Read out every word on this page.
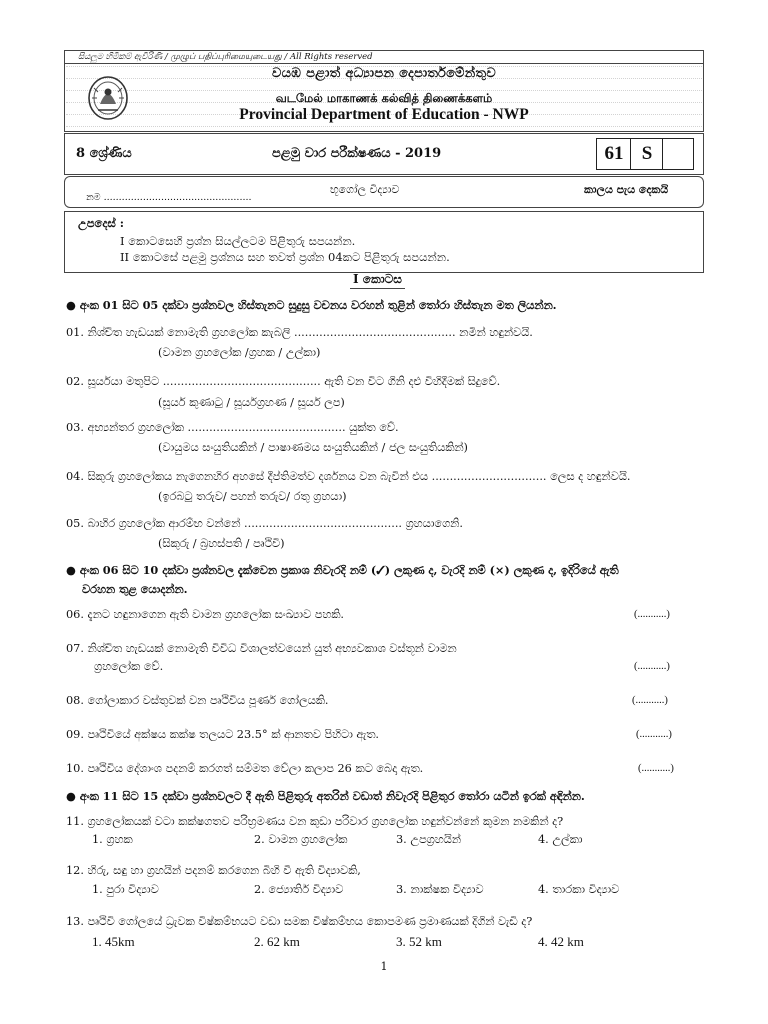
සියලුම හිමිකම් ඇවිරිණි / முழுப் பதிப்புரிமையுடையது / All Rights reserved
වයඹ පළාත් අධ්‍යාපන දෙපාර්තමේන්තුව
வடமேல் மாகாணக் கல்வித் திணைக்களம்
Provincial Department of Education - NWP
8 ශ්‍රේණිය	පළමු වාර පරීක්ෂණය - 2019	61 S
නම .................................................
භූගෝල විද්‍යාව	කාලය පැය දෙකයි
උපදෙස් :
I කොටසෙහි ප්‍රශ්න සියල්ලටම පිළිතුරු සපයන්න.
II කොටසේ පළමු ප්‍රශ්නය සහ තවත් ප්‍රශ්න 04කට පිළිතුරු සපයන්න.
I කොටස
● අංක 01 සිට 05 දක්වා ප්‍රශ්නවල හිස්තැනට සුදුසු වචනය වරහන් තුළින් තෝරා හිස්තැන මත ලියන්න.
01. නිශ්චිත හැඩයක් නොමැති ග්‍රහලෝක කැබලි ............................................. නමින් හඳුන්වයි.
(වාමන ග්‍රහලෝක /ග්‍රහක / උල්කා)
02. සූර්යයා මතුපිට ............................................ ඇති වන විට ගිනි දළු විහිදීමක් සිදුවේ.
(සූර්ය කුණාටු / සූර්යග්‍රහණ / සූර්ය ලප)
03. අභ්‍යන්තර ග්‍රහලෝක ............................................ යුක්ත වේ.
(වායුමය සංයුතියකින් / පාෂාණමය සංයුතියකින් / ජල සංයුතියකින්)
04. සිකුරු ග්‍රහලෝකය නැගෙනහිර අහසේ දීප්තිමත්ව දර්ශනය වන බැවින් එය ................................ ලෙස ද හඳුන්වයි.
(ඉරබටු තරුව/ පහන් තරුව/ රතු ග්‍රහයා)
05. බාහිර ග්‍රහලෝක ආරම්භ වන්නේ ............................................ ග්‍රහයාගෙනි.
(සිකුරු / බ්‍රහස්පති / පෘථිවි)
● අංක 06 සිට 10 දක්වා ප්‍රශ්නවල දැක්වෙන ප්‍රකාශ නිවැරදි නම් (✓) ලකුණ ද, වැරදි නම් (×) ලකුණ ද, ඉදිරියේ ඇති
වරහන තුළ යොදන්න.
06. දැනට හඳුනාගෙන ඇති වාමන ග්‍රහලෝක සංඛ්‍යාව පහකි.	(...........)
07. නිශ්චිත හැඩයක් නොමැති විවිධ විශාලත්වයෙන් යුත් අභ්‍යවකාශ වස්තූන් වාමන
ග්‍රහලෝක වේ.	(...........)
08. ගෝලාකාර වස්තුවක් වන පෘථිවිය පූර්ණ ගෝලයකි.	(...........)
09. පෘථිවියේ අක්ෂය කක්ෂ තලයට 23.5° ක් ආනතව පිහිටා ඇත.	(...........)
10. පෘථිවිය දේශාංශ පදනම් කරගත් සම්මත වේලා කලාප 26 කට බෙදා ඇත.	(...........)
● අංක 11 සිට 15 දක්වා ප්‍රශ්නවලට දී ඇති පිළිතුරු අතරින් වඩාත් නිවැරදි පිළිතුර තෝරා යටින් ඉරක් අඳින්න.
11. ග්‍රහලෝකයක් වටා කක්ෂගතව පරිභ්‍රමණය වන කුඩා පරිවාර ග්‍රහලෝක හඳුන්වන්නේ කුමන නමකින් ද?
1. ග්‍රහක	2. වාමන ග්‍රහලෝක	3. උපග්‍රහයින්	4. උල්කා
12. හිරු, සඳු හා ග්‍රහයින් පදනම් කරගෙන බිහි වී ඇති විද්‍යාවකි,
1. පුරා විද්‍යාව	2. ජ්‍යොතිර් විද්‍යාව	3. නාක්ෂක විද්‍යාව	4. තාරකා විද්‍යාව
13. පෘථිවි ගෝලයේ ධ්‍රැවක විෂ්කම්භයට වඩා සමක විෂ්කම්භය කොපමණ ප්‍රමාණයක් දිගින් වැඩි ද?
1. 45km	2. 62 km	3. 52 km	4. 42 km
1
